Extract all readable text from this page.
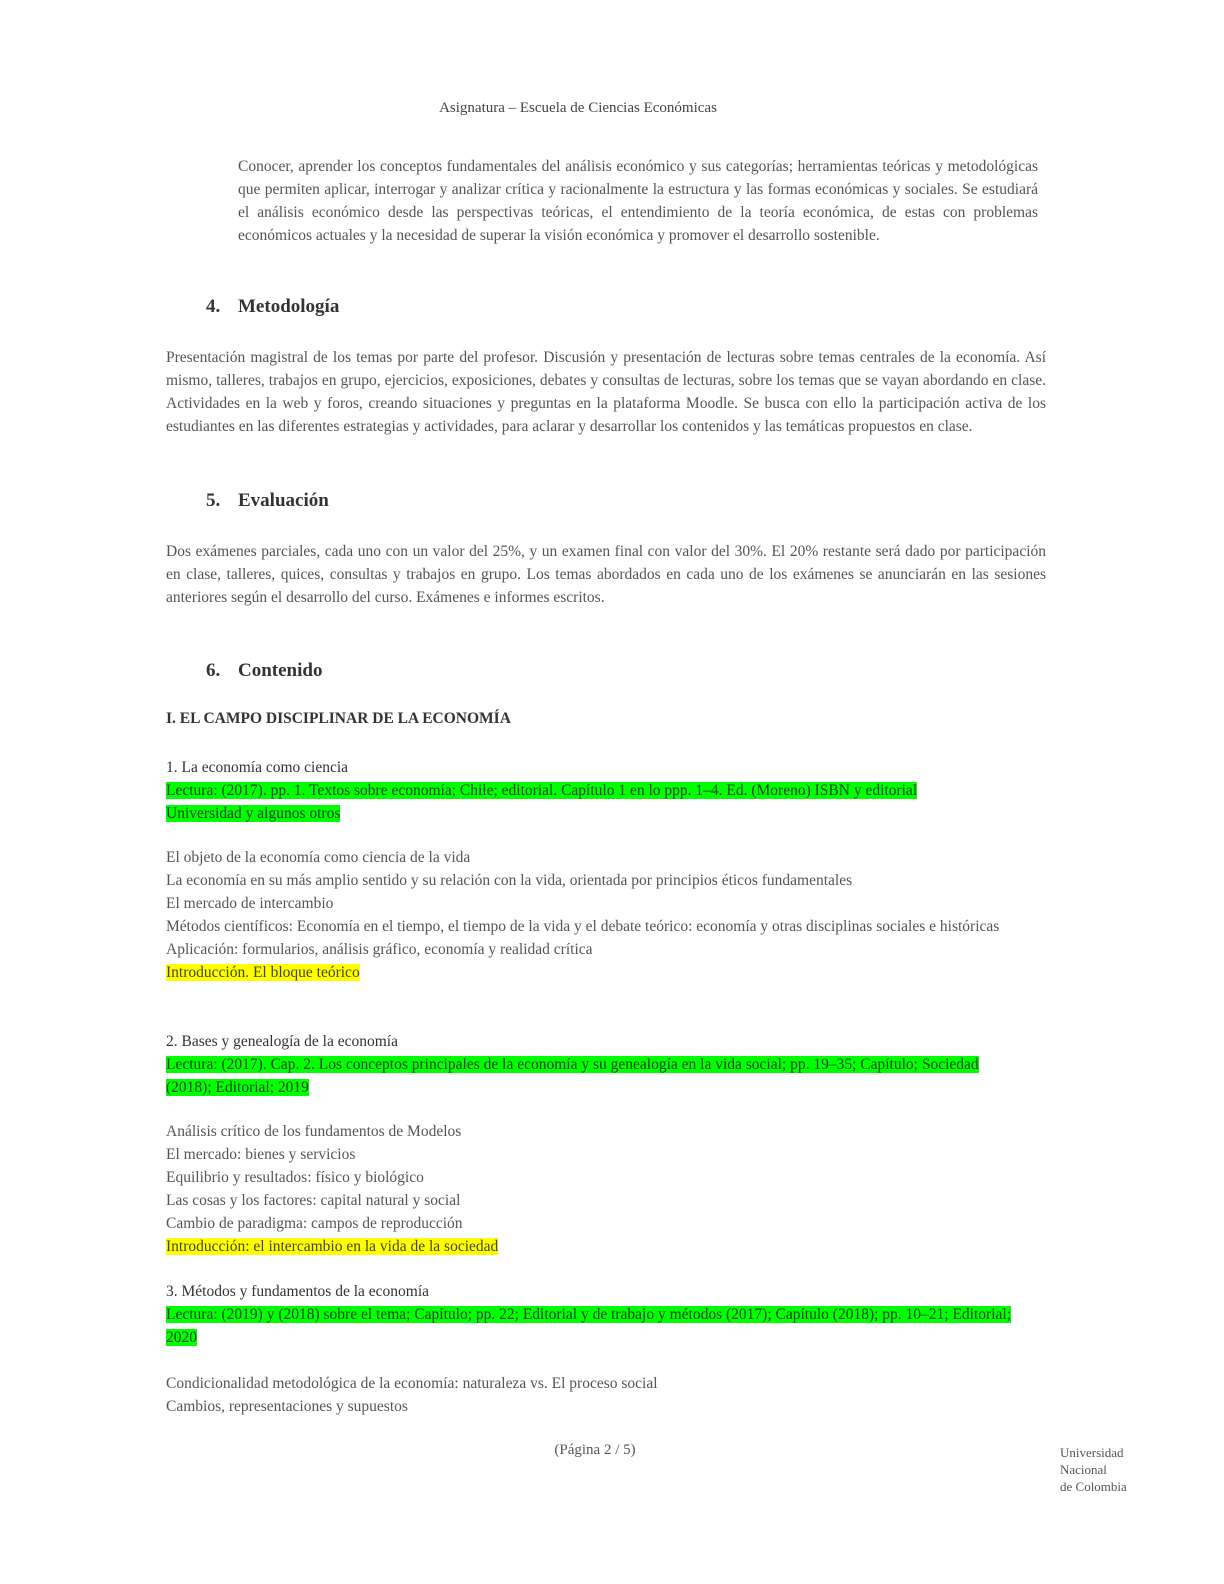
Asignatura – Escuela de Ciencias Económicas
Conocer, aprender los conceptos fundamentales del análisis económico y sus categorías; herramientas teóricas y metodológicas que permiten aplicar, interrogar y analizar crítica y racionalmente la estructura y las formas económicas y sociales. Se estudiará el análisis económico desde las perspectivas teóricas, el entendimiento de la teoría económica, de estas con problemas económicos actuales y la necesidad de superar la visión económica y promover el desarrollo sostenible.
4. Metodología
Presentación magistral de los temas por parte del profesor. Discusión y presentación de lecturas sobre temas centrales de la economía. Así mismo, talleres, trabajos en grupo, ejercicios, exposiciones, debates y consultas de lecturas, sobre los temas que se vayan abordando en clase. Actividades en la web y foros, creando situaciones y preguntas en la plataforma Moodle. Se busca con ello la participación activa de los estudiantes en las diferentes estrategias y actividades, para aclarar y desarrollar los contenidos y las temáticas propuestos en clase.
5. Evaluación
Dos exámenes parciales, cada uno con un valor del 25%, y un examen final con valor del 30%. El 20% restante será dado por participación en clase, talleres, quices, consultas y trabajos en grupo. Los temas abordados en cada uno de los exámenes se anunciarán en las sesiones anteriores según el desarrollo del curso. Exámenes e informes escritos.
6. Contenido
I. EL CAMPO DISCIPLINAR DE LA ECONOMÍA
1. La economía como ciencia
Lectura: (2017). pp. 1. Textos sobre economía; Chile; editorial. Capítulo 1 en lo ppp. 1–4. Ed. (Moreno) ISBN y editorial Universidad y algunos otros
El objeto de la economía como ciencia de la vida
La economía en su más amplio sentido y su relación con la vida, orientada por principios éticos fundamentales
El mercado de intercambio
Métodos científicos: Economía en el tiempo, el tiempo de la vida y el debate teórico: economía y otras disciplinas sociales e históricas
Aplicación: formularios, análisis gráfico, economía y realidad crítica
Introducción. El bloque teórico
2. Bases y genealogía de la economía
Lectura: (2017). Cap. 2. Los conceptos principales de la economía y su genealogía en la vida social; pp. 19–35; Capítulo; Sociedad (2018); Editorial; 2019
Análisis crítico de los fundamentos de Modelos
El mercado: bienes y servicios
Equilibrio y resultados: físico y biológico
Las cosas y los factores: capital natural y social
Cambio de paradigma: campos de reproducción
Introducción: el intercambio en la vida de la sociedad
3. Métodos y fundamentos de la economía
Lectura: (2019) y (2018) sobre el tema; Capítulo; pp. 22; Editorial y de trabajo y métodos (2017); Capítulo (2018); pp. 10–21; Editorial; 2020
Condicionalidad metodológica de la economía: naturaleza vs. El proceso social
Cambios, representaciones y supuestos
(Página 2 / 5)	Universidad
Nacional
de Colombia
